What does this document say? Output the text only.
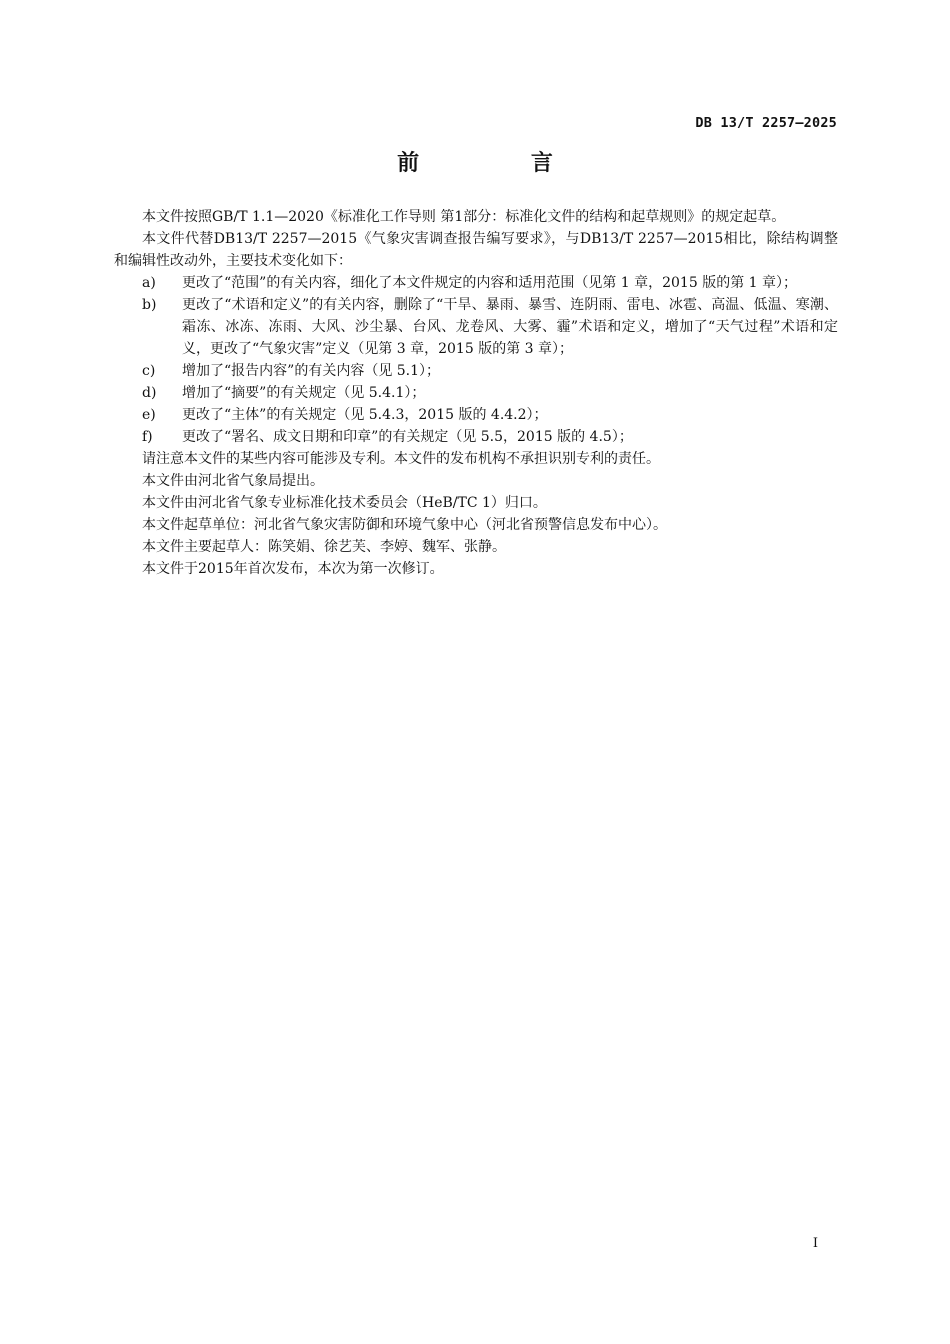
DB 13/T 2257—2025
前 言

本文件按照GB/T 1.1—2020《标准化工作导则 第1部分：标准化文件的结构和起草规则》的规定起草。

本文件代替DB13/T 2257—2015《气象灾害调查报告编写要求》，与DB13/T 2257—2015相比，除结构调整和编辑性改动外，主要技术变化如下：

a)	更改了“范围”的有关内容，细化了本文件规定的内容和适用范围（见第 1 章，2015 版的第 1 章）；
b)	更改了“术语和定义”的有关内容，删除了“干旱、暴雨、暴雪、连阴雨、雷电、冰雹、高温、低温、寒潮、霜冻、冰冻、冻雨、大风、沙尘暴、台风、龙卷风、大雾、霾”术语和定义，增加了“天气过程”术语和定义，更改了“气象灾害”定义（见第 3 章，2015 版的第 3 章）；
c)	增加了“报告内容”的有关内容（见 5.1）；
d)	增加了“摘要”的有关规定（见 5.4.1）；
e)	更改了“主体”的有关规定（见 5.4.3，2015 版的 4.4.2）；
f)	更改了“署名、成文日期和印章”的有关规定（见 5.5，2015 版的 4.5）；

请注意本文件的某些内容可能涉及专利。本文件的发布机构不承担识别专利的责任。

本文件由河北省气象局提出。

本文件由河北省气象专业标准化技术委员会（HeB/TC 1）归口。

本文件起草单位：河北省气象灾害防御和环境气象中心（河北省预警信息发布中心）。

本文件主要起草人：陈笑娟、徐艺芙、李婷、魏军、张静。

本文件于2015年首次发布，本次为第一次修订。

I
